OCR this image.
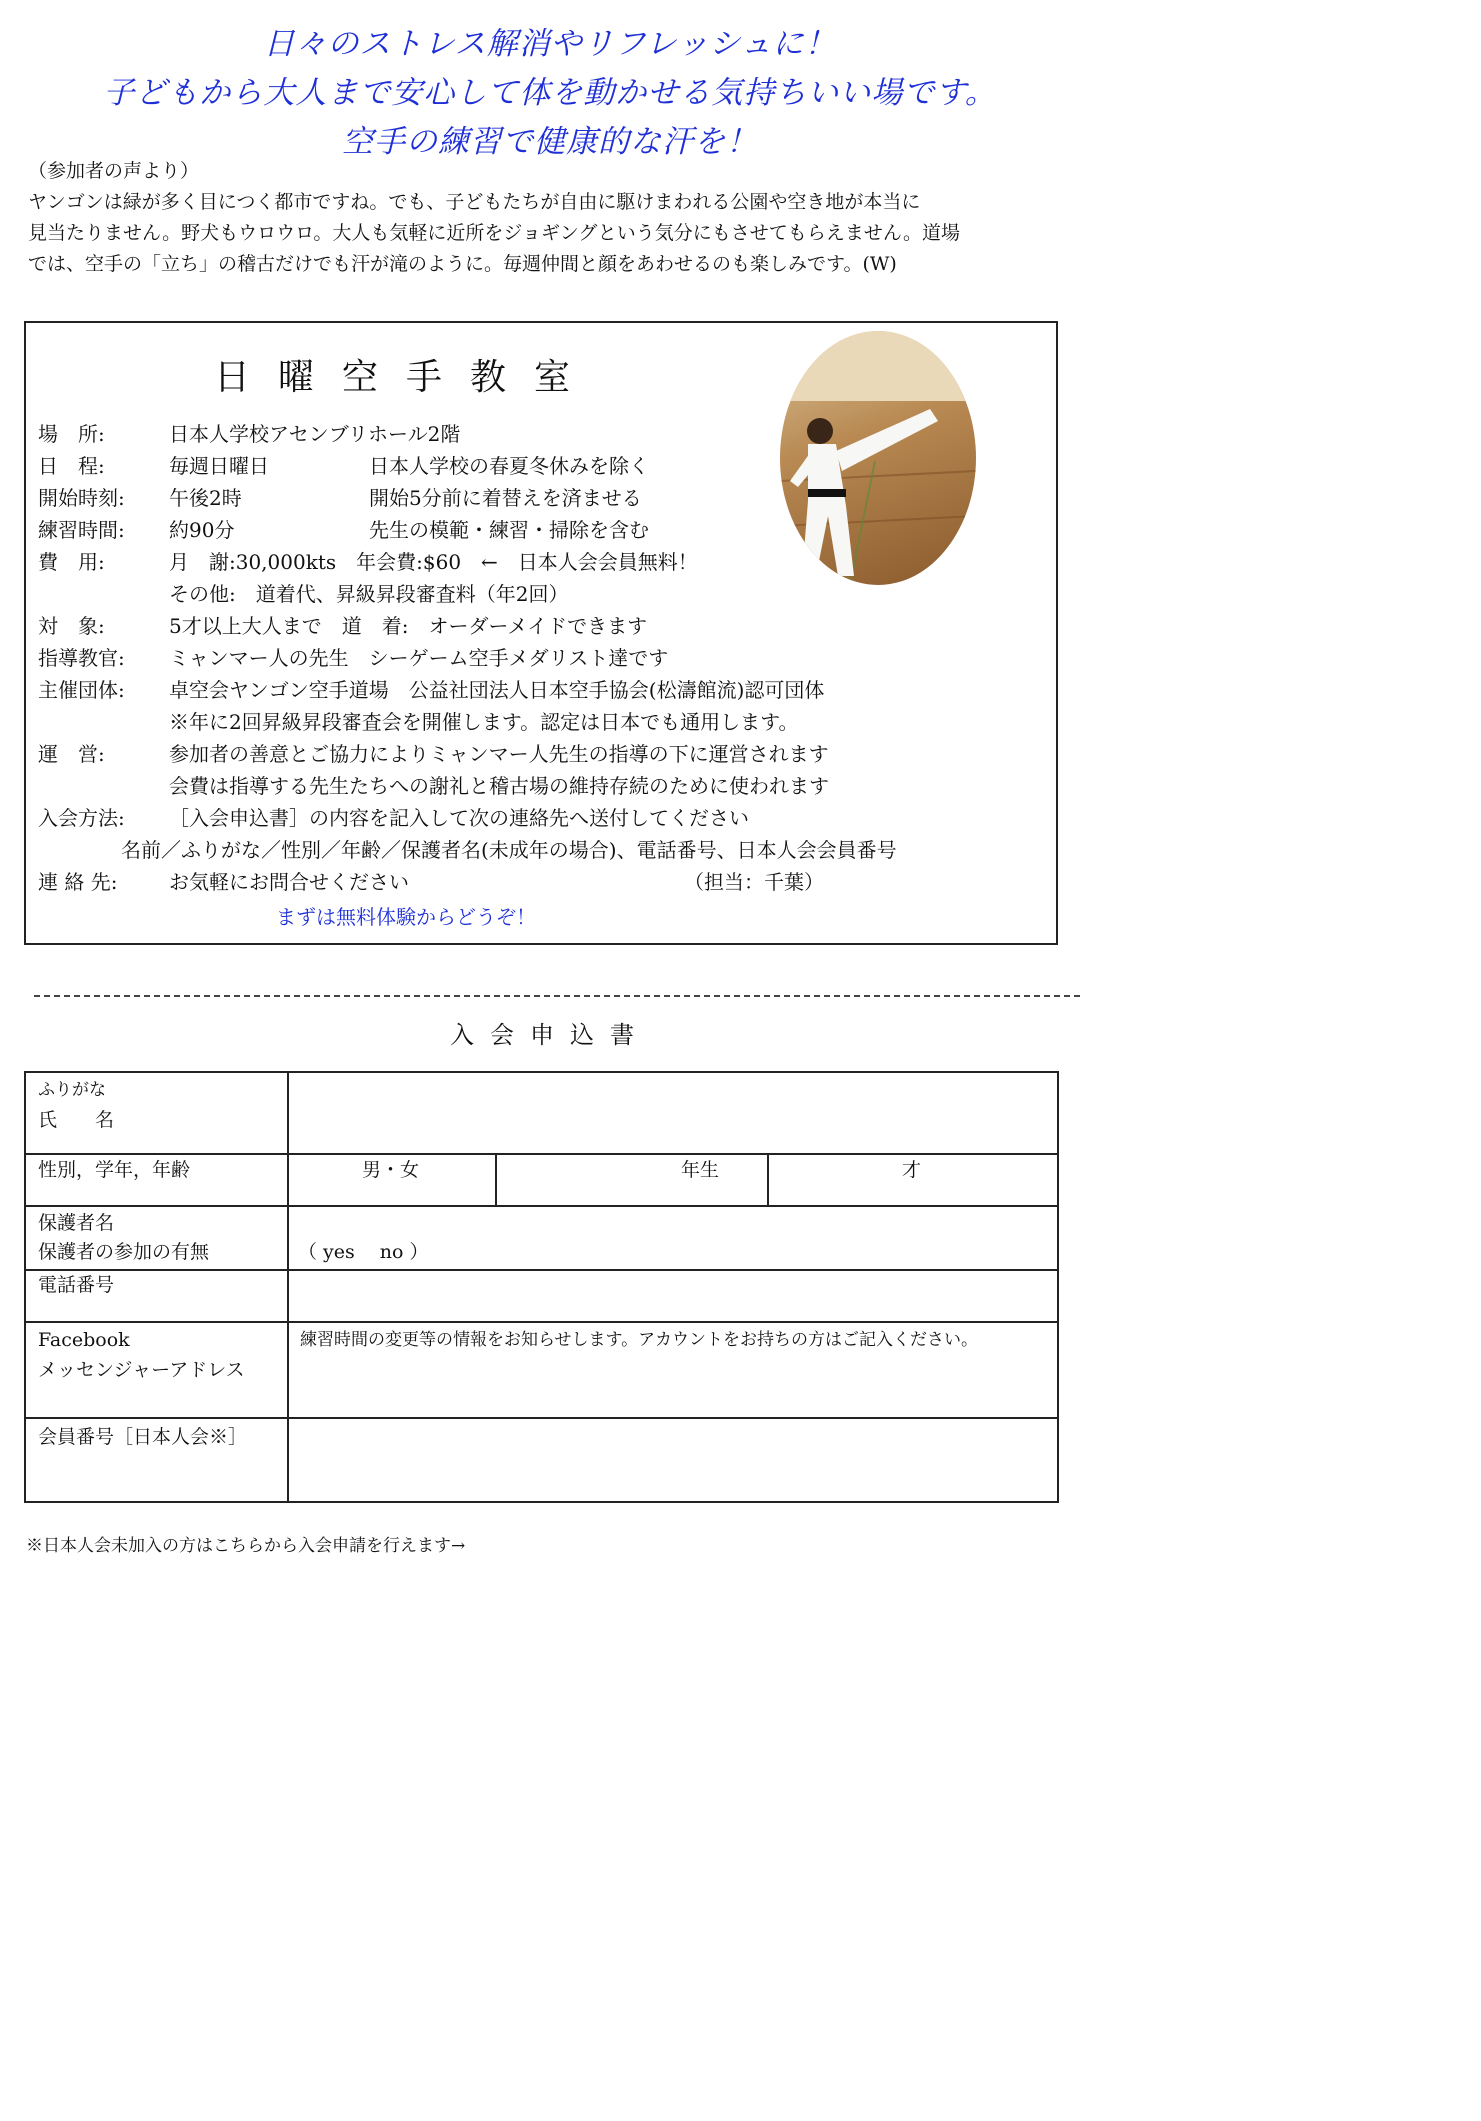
日々のストレス解消やリフレッシュに！
子どもから大人まで安心して体を動かせる気持ちいい場です。
空手の練習で健康的な汗を！
（参加者の声より）
ヤンゴンは緑が多く目につく都市ですね。でも、子どもたちが自由に駆けまわれる公園や空き地が本当に
見当たりません。野犬もウロウロ。大人も気軽に近所をジョギングという気分にもさせてもらえません。道場
では、空手の「立ち」の稽古だけでも汗が滝のように。毎週仲間と顔をあわせるのも楽しみです。(W)
日曜空手教室
場　所:	日本人学校アセンブリホール2階
日　程:	毎週日曜日	日本人学校の春夏冬休みを除く
開始時刻: 午後2時	開始5分前に着替えを済ませる
練習時間: 約90分	先生の模範・練習・掃除を含む
費　用:	月　謝:30,000kts　年会費:$60　←　日本人会会員無料！
その他:　道着代、昇級昇段審査料（年2回）
対　象:	5才以上大人まで　道　着:　オーダーメイドできます
指導教官: ミャンマー人の先生　シーゲーム空手メダリスト達です
主催団体: 卓空会ヤンゴン空手道場　公益社団法人日本空手協会(松濤館流)認可団体
※年に2回昇級昇段審査会を開催します。認定は日本でも通用します。
運　営:	参加者の善意とご協力によりミャンマー人先生の指導の下に運営されます
会費は指導する先生たちへの謝礼と稽古場の維持存続のために使われます
入会方法: ［入会申込書］の内容を記入して次の連絡先へ送付してください
名前／ふりがな／性別／年齢／保護者名(未成年の場合)、電話番号、日本人会会員番号
連 絡 先:	お気軽にお問合せください	（担当：千葉）
まずは無料体験からどうぞ！
入会申込書
ふりがな
氏　　名
性別，学年，年齢	男・女	年生	才
保護者名
保護者の参加の有無	（ yes　 no ）
電話番号
Facebook
メッセンジャーアドレス
練習時間の変更等の情報をお知らせします。アカウントをお持ちの方はご記入ください。
会員番号［日本人会※］
※日本人会未加入の方はこちらから入会申請を行えます→
